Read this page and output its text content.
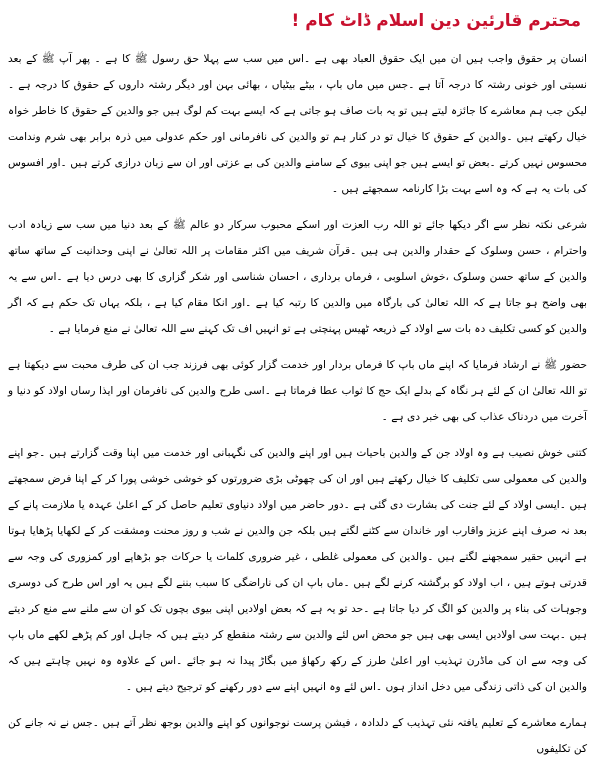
محترم قارئین دین اسلام ڈاٹ کام !

انسان پر حقوق واجب ہیں ان میں ایک حقوق العباد بھی ہے ۔اس میں سب سے پہلا حق رسول ﷺ کا ہے ۔ پھر آپ ﷺ کے بعد نسبتی اور خونی رشتہ کا درجہ آتا ہے ۔جس میں ماں باپ ، بیٹے بیٹیاں ، بھائی بہن اور دیگر رشتہ داروں کے حقوق کا درجہ ہے ۔لیکن جب ہم معاشرے کا جائزہ لیتے ہیں تو یہ بات صاف ہو جاتی ہے کہ ایسے بہت کم لوگ ہیں جو والدین کے حقوق کا خاطر خواہ خیال رکھتے ہیں ۔والدین کے حقوق کا خیال تو در کنار ہم تو والدین کی نافرمانی اور حکم عدولی میں ذرہ برابر بھی شرم وندامت محسوس نہیں کرتے ۔بعض تو ایسے ہیں جو اپنی بیوی کے سامنے والدین کی بے عزتی اور ان سے زبان درازی کرتے ہیں ۔اور افسوس کی بات یہ ہے کہ وہ اسے بہت بڑا کارنامہ سمجھتے ہیں ۔

شرعی نکتہ نظر سے اگر دیکھا جائے تو اللہ رب العزت اور اسکے محبوب سرکار دو عالم ﷺ کے بعد دنیا میں سب سے زیادہ ادب واحترام ، حسن وسلوک کے حقدار والدین ہی ہیں ۔قرآن شریف میں اکثر مقامات پر اللہ تعالیٰ نے اپنی وحدانیت کے ساتھ ساتھ والدین کے ساتھ حسن وسلوک ،خوش اسلوبی ، فرماں برداری ، احسان شناسی اور شکر گزاری کا بھی درس دیا ہے ۔اس سے یہ بھی واضح ہو جاتا ہے کہ اللہ تعالیٰ کی بارگاہ میں والدین کا رتبہ کیا ہے ۔اور انکا مقام کیا ہے ، بلکہ یہاں تک حکم ہے کہ اگر والدین کو کسی تکلیف دہ بات سے اولاد کے ذریعہ ٹھیس پہنچتی ہے تو انہیں اف تک کہنے سے اللہ تعالیٰ نے منع فرمایا ہے ۔

حضور ﷺ نے ارشاد فرمایا کہ اپنے ماں باپ کا فرماں بردار اور خدمت گزار کوئی بھی فرزند جب ان کی طرف محبت سے دیکھتا ہے تو اللہ تعالیٰ ان کے لئے ہر نگاہ کے بدلے ایک حج کا ثواب عطا فرماتا ہے ۔اسی طرح والدین کی نافرمان اور ایذا رساں اولاد کو دنیا و آخرت میں دردناک عذاب کی بھی خبر دی ہے ۔

کتنی خوش نصیب ہے وہ اولاد جن کے والدین باحیات ہیں اور اپنے والدین کی نگہبانی اور خدمت میں اپنا وقت گزارتے ہیں ۔جو اپنے والدین کی معمولی سی تکلیف کا خیال رکھتے ہیں اور ان کی چھوٹی بڑی ضرورتوں کو خوشی خوشی پورا کر کے اپنا فرض سمجھتے ہیں ۔ایسی اولاد کے لئے جنت کی بشارت دی گئی ہے ۔دور حاضر میں اولاد دنیاوی تعلیم حاصل کر کے اعلیٰ عہدہ یا ملازمت پانے کے بعد نہ صرف اپنے عزیز واقارب اور خاندان سے کٹنے لگتے ہیں بلکہ جن والدین نے شب و روز محنت ومشقت کر کے لکھایا پڑھایا ہوتا ہے انہیں حقیر سمجھنے لگتے ہیں ۔والدین کی معمولی غلطی ، غیر ضروری کلمات یا حرکات جو بڑھاپے اور کمزوری کی وجہ سے قدرتی ہوتے ہیں ، اب اولاد کو برگشتہ کرنے لگے ہیں ۔ماں باپ ان کی ناراضگی کا سبب بننے لگے ہیں یہ اور اس طرح کی دوسری وجوہات کی بناء پر والدین کو الگ کر دیا جاتا ہے ۔حد تو یہ ہے کہ بعض اولادیں اپنی بیوی بچوں تک کو ان سے ملنے سے منع کر دیتے ہیں ۔بہت سی اولادیں ایسی بھی ہیں جو محض اس لئے والدین سے رشتہ منقطع کر دیتے ہیں کہ جاہل اور کم پڑھے لکھے ماں باپ کی وجہ سے ان کی ماڈرن تہذیب اور اعلیٰ طرز کے رکھ رکھاؤ میں بگاڑ پیدا نہ ہو جائے ۔اس کے علاوہ وہ نہیں چاہتے ہیں کہ والدین ان کی ذاتی زندگی میں دخل انداز ہوں ۔اس لئے وہ انہیں اپنے سے دور رکھنے کو ترجیح دیتے ہیں ۔

ہمارے معاشرے کے تعلیم یافتہ نئی تہذیب کے دلدادہ ، فیشن پرست نوجوانوں کو اپنے والدین بوجھ نظر آتے ہیں ۔جس نے نہ جانے کن کن تکلیفوں
